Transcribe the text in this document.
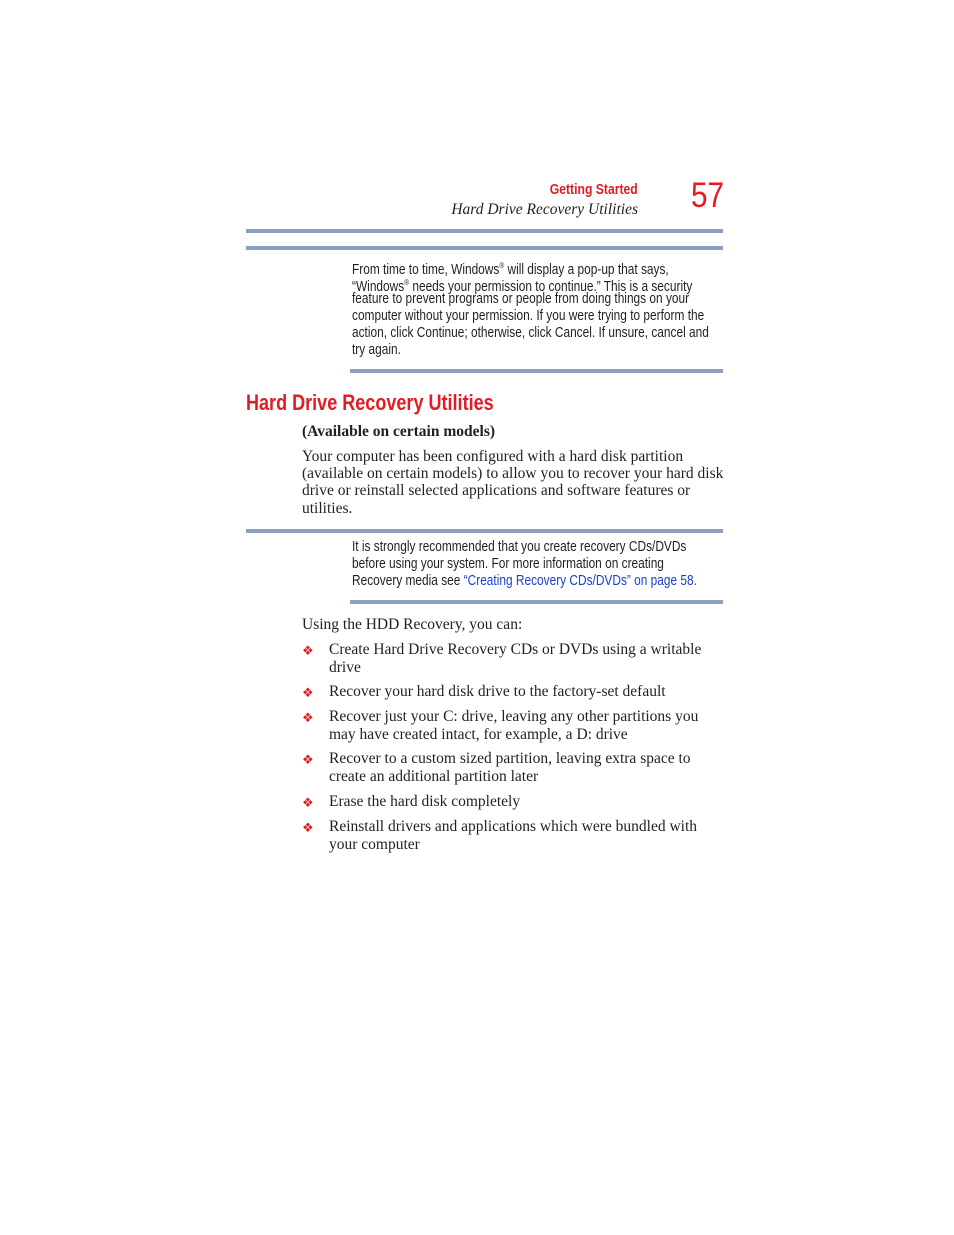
Getting Started
Hard Drive Recovery Utilities 57
From time to time, Windows® will display a pop-up that says,
“Windows® needs your permission to continue.” This is a security
feature to prevent programs or people from doing things on your
computer without your permission. If you were trying to perform the
action, click Continue; otherwise, click Cancel. If unsure, cancel and
try again.
Hard Drive Recovery Utilities
(Available on certain models)
Your computer has been configured with a hard disk partition
(available on certain models) to allow you to recover your hard disk
drive or reinstall selected applications and software features or
utilities.
It is strongly recommended that you create recovery CDs/DVDs
before using your system. For more information on creating
Recovery media see “Creating Recovery CDs/DVDs” on page 58.
Using the HDD Recovery, you can:
❖ Create Hard Drive Recovery CDs or DVDs using a writable drive
❖ Recover your hard disk drive to the factory-set default
❖ Recover just your C: drive, leaving any other partitions you may have created intact, for example, a D: drive
❖ Recover to a custom sized partition, leaving extra space to create an additional partition later
❖ Erase the hard disk completely
❖ Reinstall drivers and applications which were bundled with your computer
